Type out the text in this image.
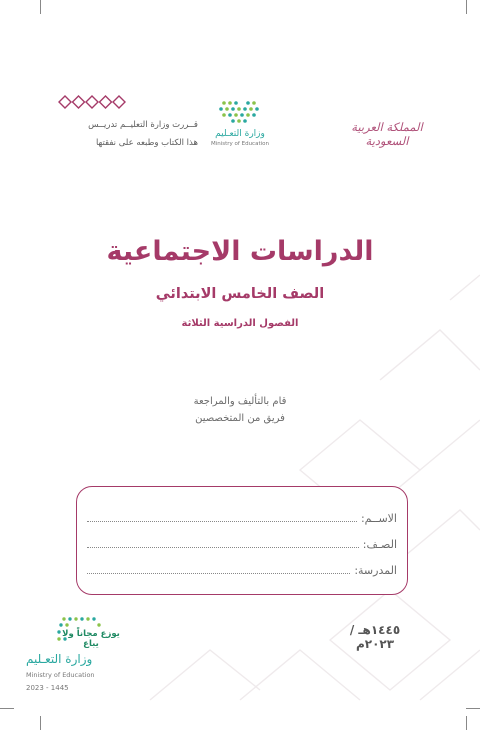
قــررت وزارة التعليــم تدريــس
هذا الكتاب وطبعه على نفقتها
وزارة التعـليم
Ministry of Education
المملكة العربية السعودية
الدراسات الاجتماعية
الصف الخامس الابتدائي
الفصول الدراسية الثلاثة
قام بالتأليف والمراجعة
فريق من المتخصصين
الاســم:
الصـف:
المدرسة:
١٤٤٥هـ / ٢٠٢٣م
يوزع مجاناً ولا يباع
وزارة التعـليم
Ministry of Education
2023 - 1445
